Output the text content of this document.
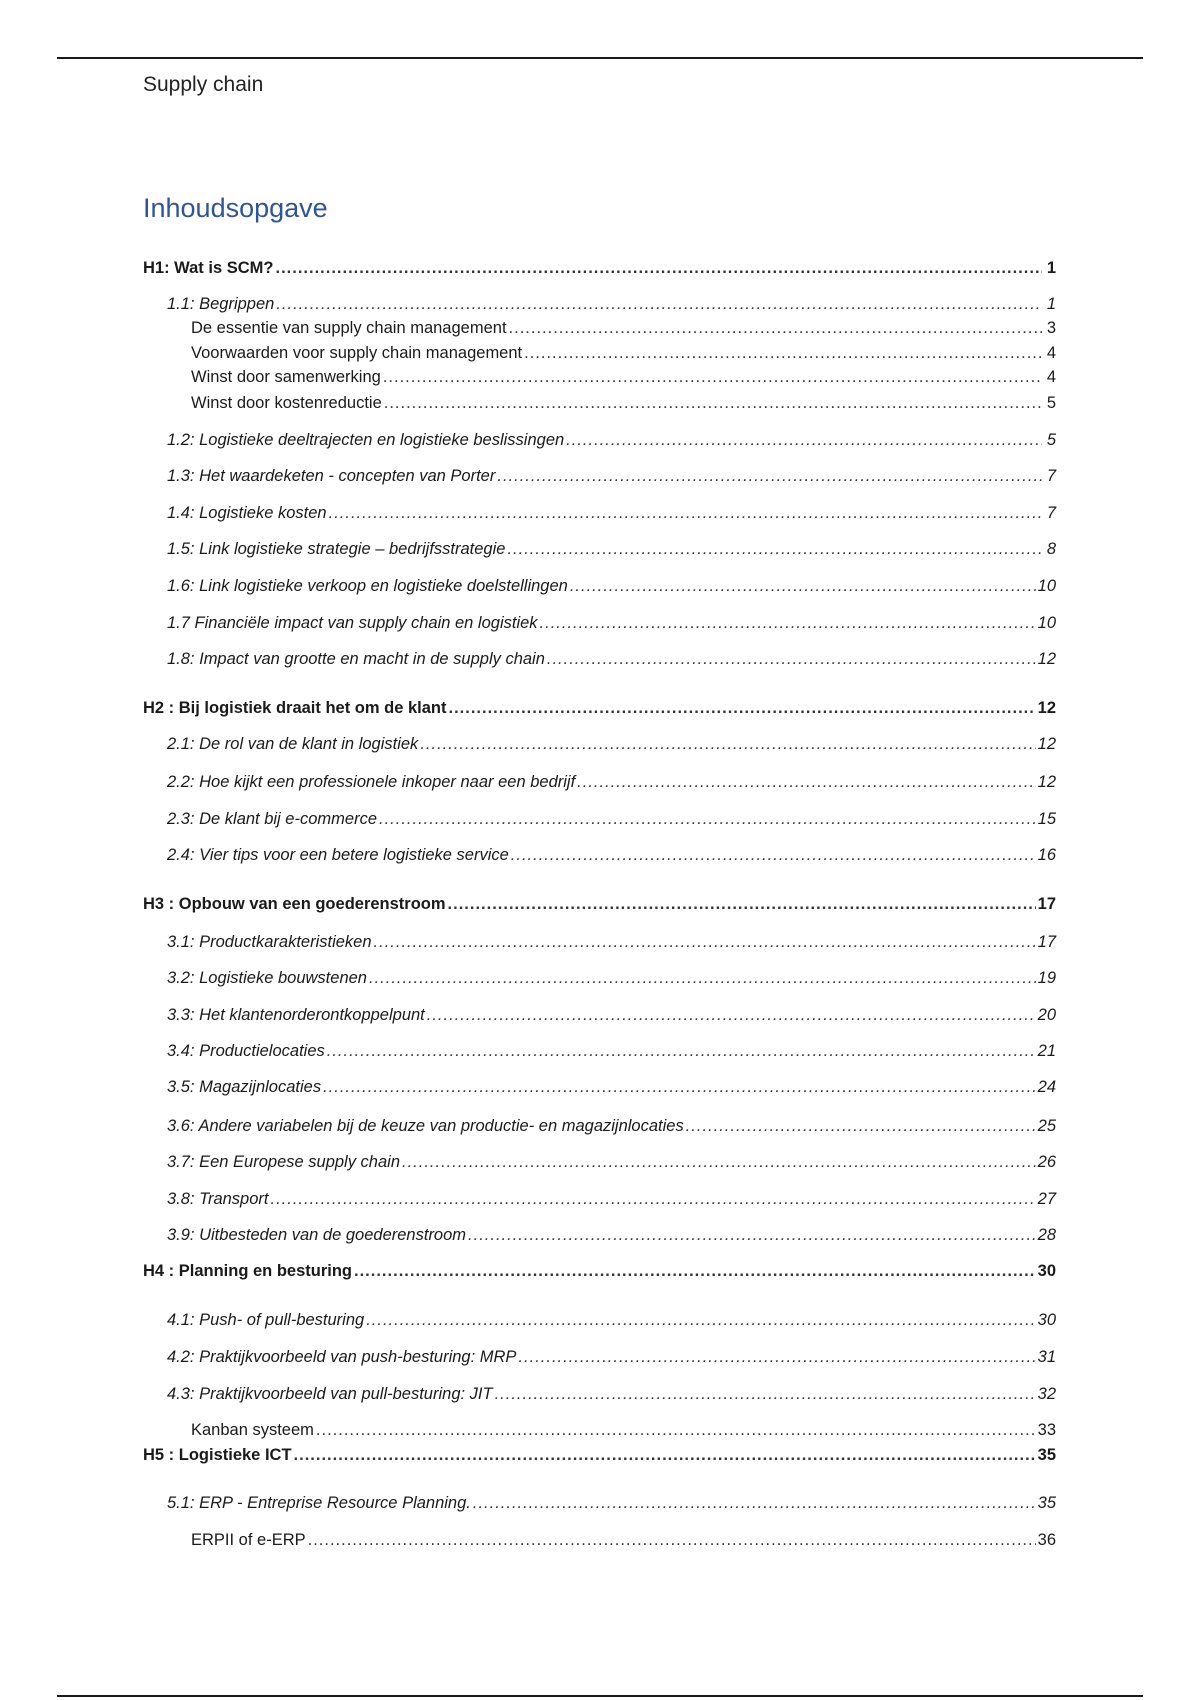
Supply chain
Inhoudsopgave
H1: Wat is SCM? .....	1
1.1: Begrippen .....	1
De essentie van supply chain management .....	3
Voorwaarden voor supply chain management .....	4
Winst door samenwerking .....	4
Winst door kostenreductie .....	5
1.2: Logistieke deeltrajecten en logistieke beslissingen .....	5
1.3: Het waardeketen - concepten van Porter .....	7
1.4: Logistieke kosten .....	7
1.5: Link logistieke strategie – bedrijfsstrategie .....	8
1.6: Link logistieke verkoop en logistieke doelstellingen .....	10
1.7 Financiële impact van supply chain en logistiek .....	10
1.8: Impact van grootte en macht in de supply chain .....	12
H2 : Bij logistiek draait het om de klant .....	12
2.1: De rol van de klant in logistiek .....	12
2.2: Hoe kijkt een professionele inkoper naar een bedrijf .....	12
2.3: De klant bij e-commerce .....	15
2.4: Vier tips voor een betere logistieke service .....	16
H3 : Opbouw van een goederenstroom .....	17
3.1: Productkarakteristieken .....	17
3.2: Logistieke bouwstenen .....	19
3.3: Het klantenorderontkoppelpunt .....	20
3.4: Productielocaties .....	21
3.5: Magazijnlocaties .....	24
3.6: Andere variabelen bij de keuze van productie- en magazijnlocaties .....	25
3.7: Een Europese supply chain .....	26
3.8: Transport .....	27
3.9: Uitbesteden van de goederenstroom .....	28
H4 : Planning en besturing .....	30
4.1: Push- of pull-besturing .....	30
4.2: Praktijkvoorbeeld van push-besturing: MRP .....	31
4.3: Praktijkvoorbeeld van pull-besturing: JIT .....	32
Kanban systeem .....	33
H5 : Logistieke ICT .....	35
5.1: ERP - Entreprise Resource Planning. .....	35
ERPII of e-ERP .....	36
